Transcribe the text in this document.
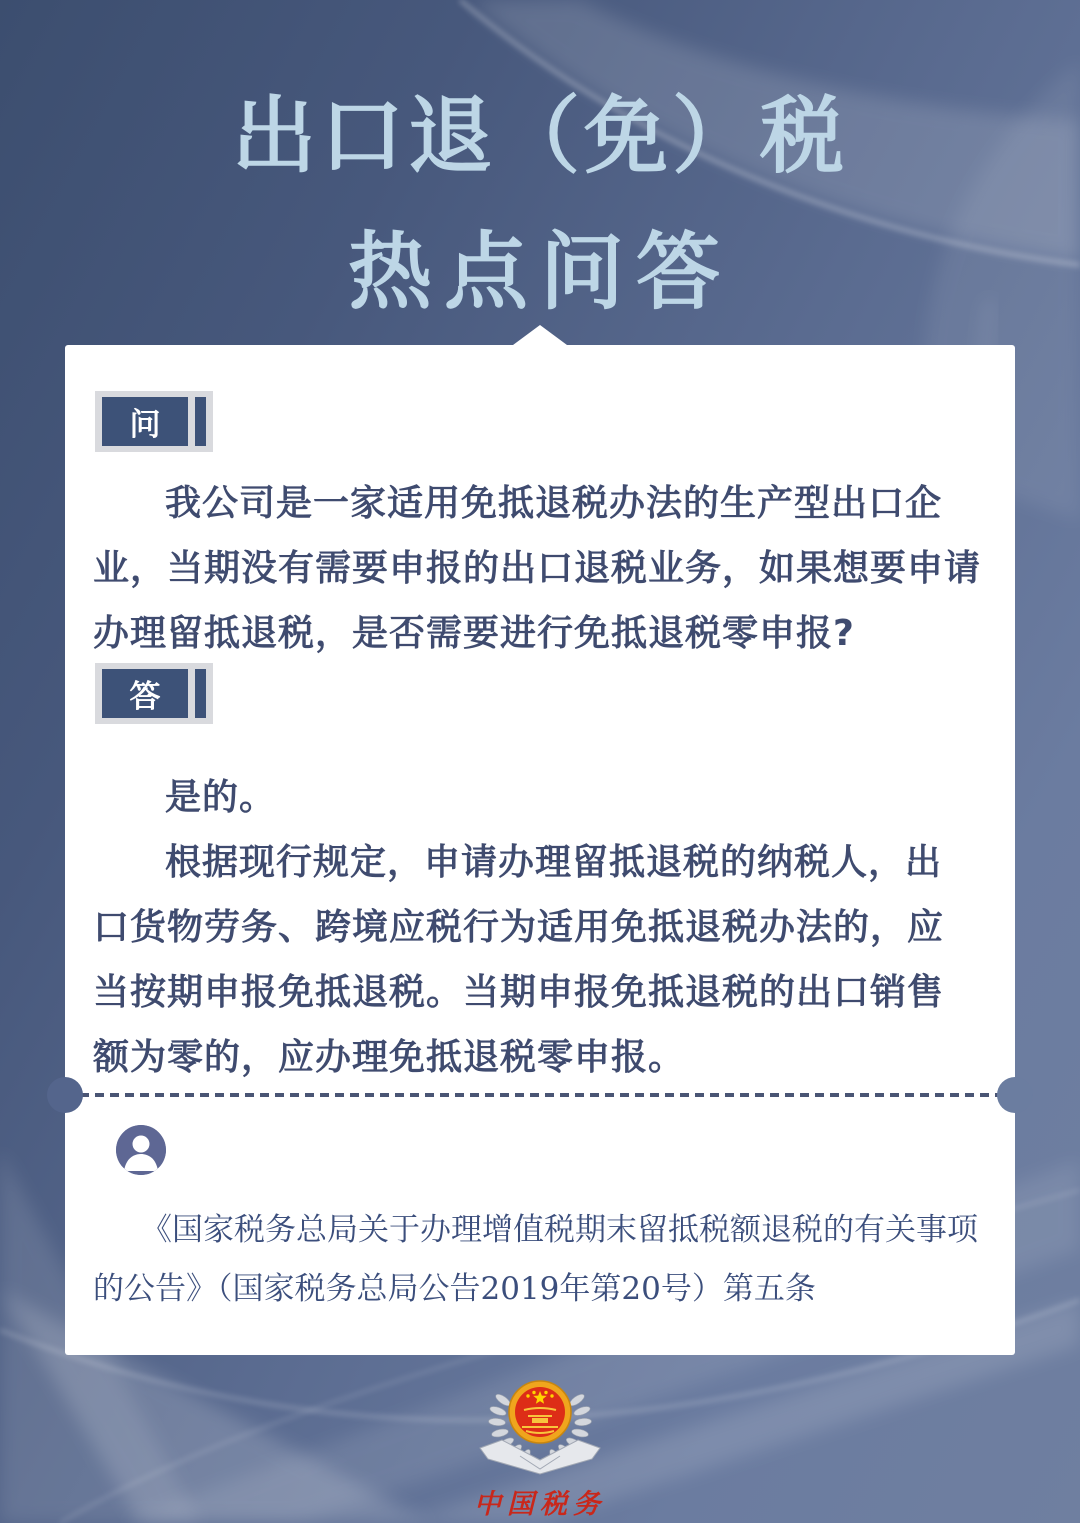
出口退（免）税
热点问答
问
我公司是一家适用免抵退税办法的生产型出口企
业，当期没有需要申报的出口退税业务，如果想要申请
办理留抵退税，是否需要进行免抵退税零申报?
答
是的。
根据现行规定，申请办理留抵退税的纳税人，出
口货物劳务、跨境应税行为适用免抵退税办法的，应
当按期申报免抵退税。当期申报免抵退税的出口销售
额为零的，应办理免抵退税零申报。
《国家税务总局关于办理增值税期末留抵税额退税的有关事项
的公告》（国家税务总局公告2019年第20号）第五条
中国税务
